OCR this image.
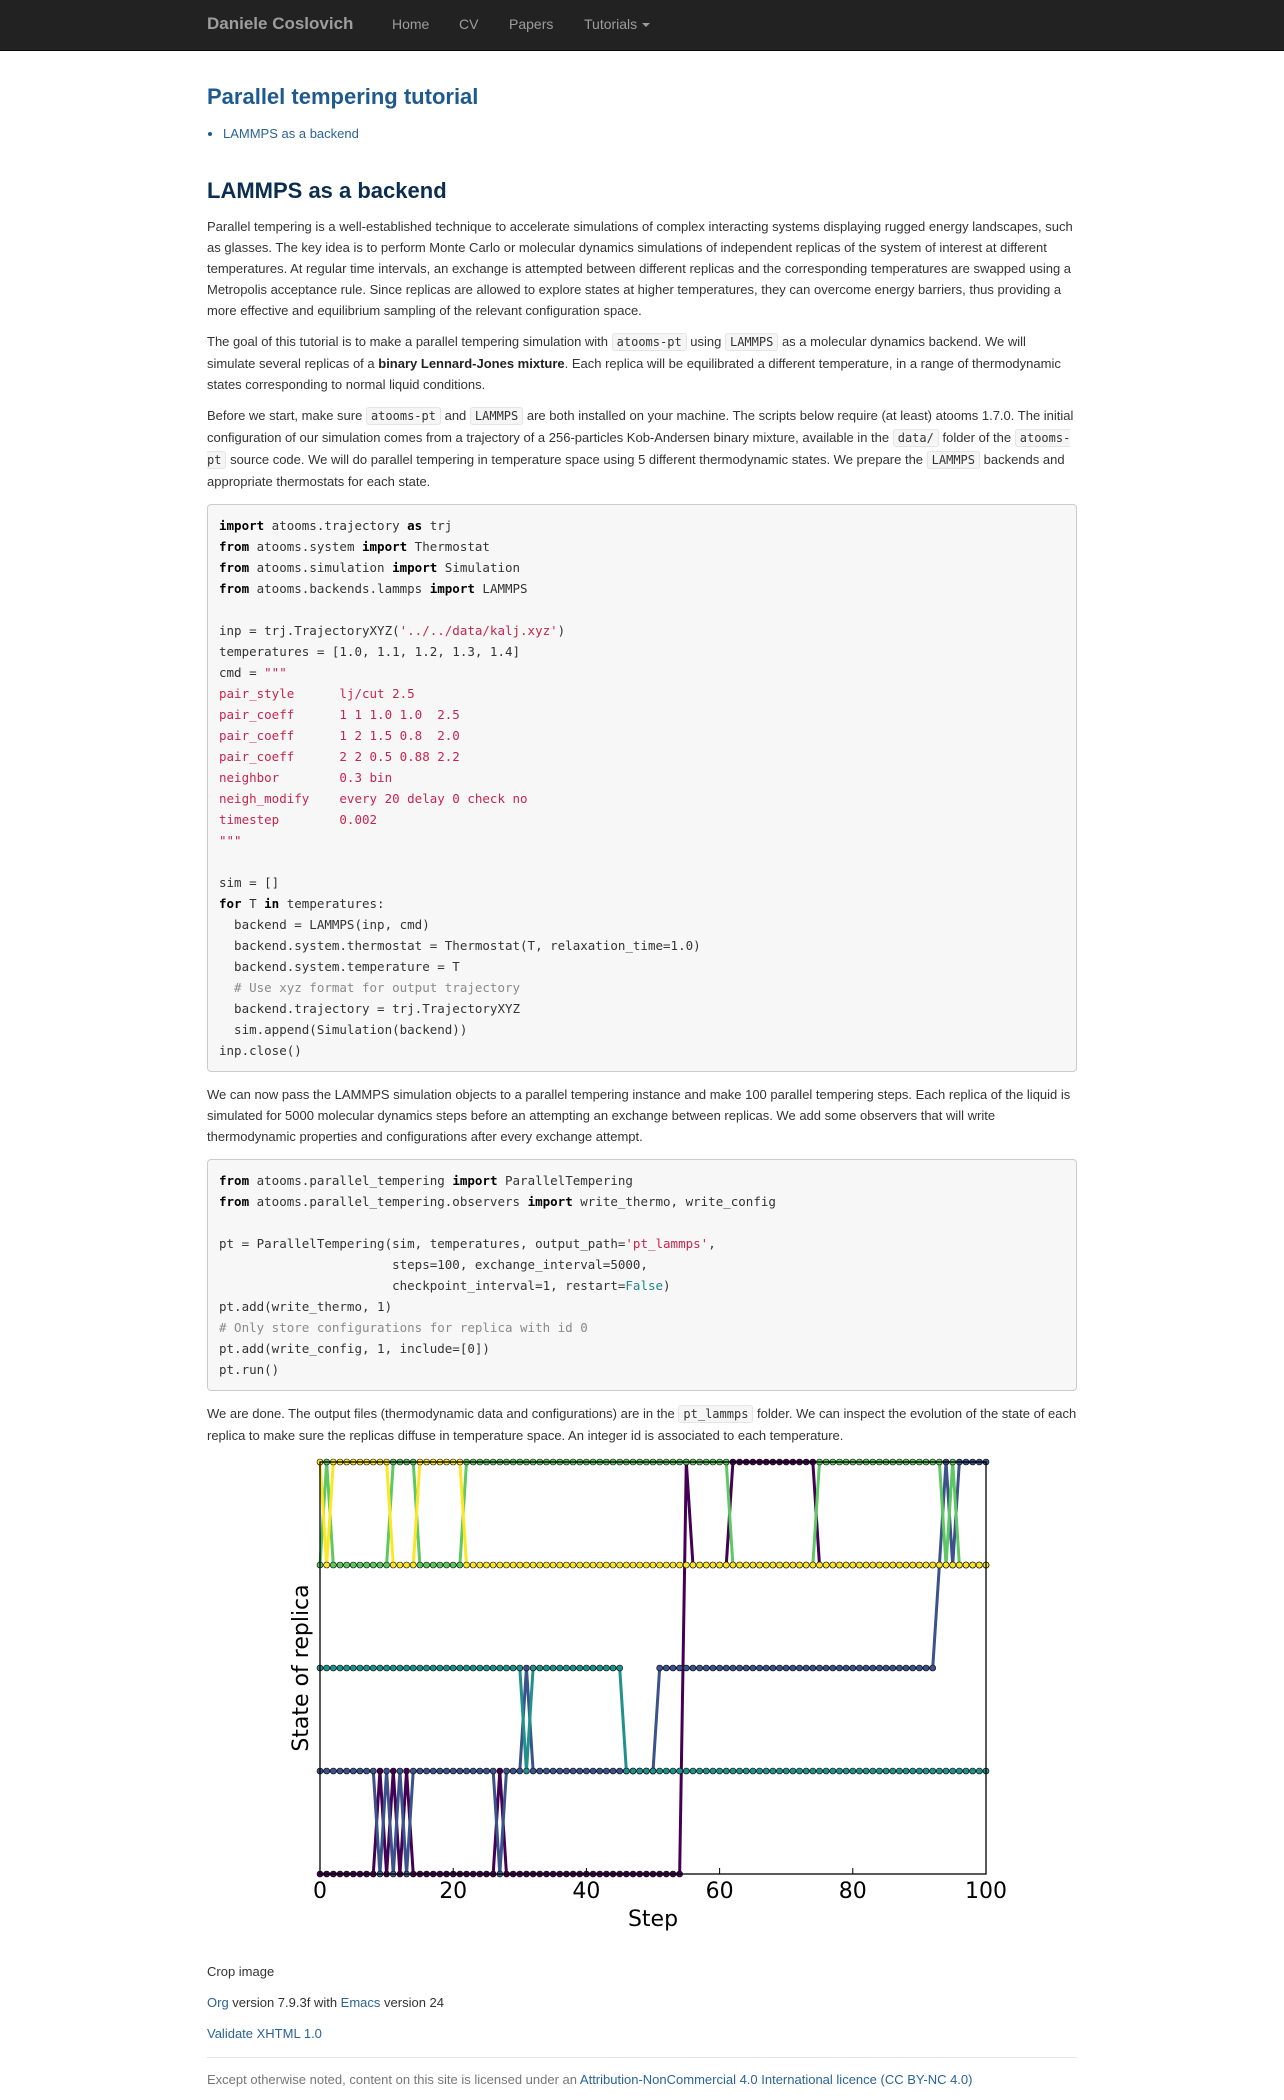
Daniele Coslovich	Home CV Papers Tutorials
Parallel tempering tutorial
• LAMMPS as a backend
LAMMPS as a backend

Parallel tempering is a well-established technique to accelerate simulations of complex interacting systems displaying rugged energy landscapes, such as glasses. The key idea is to perform Monte Carlo or molecular dynamics simulations of independent replicas of the system of interest at different temperatures. At regular time intervals, an exchange is attempted between different replicas and the corresponding temperatures are swapped using a Metropolis acceptance rule. Since replicas are allowed to explore states at higher temperatures, they can overcome energy barriers, thus providing a more effective and equilibrium sampling of the relevant configuration space.

The goal of this tutorial is to make a parallel tempering simulation with atooms-pt using LAMMPS as a molecular dynamics backend. We will simulate several replicas of a binary Lennard-Jones mixture. Each replica will be equilibrated a different temperature, in a range of thermodynamic states corresponding to normal liquid conditions.

Before we start, make sure atooms-pt and LAMMPS are both installed on your machine. The scripts below require (at least) atooms 1.7.0. The initial configuration of our simulation comes from a trajectory of a 256-particles Kob-Andersen binary mixture, available in the data/ folder of the atooms-pt source code. We will do parallel tempering in temperature space using 5 different thermodynamic states. We prepare the LAMMPS backends and appropriate thermostats for each state.

import atooms.trajectory as trj
from atooms.system import Thermostat
from atooms.simulation import Simulation
from atooms.backends.lammps import LAMMPS

inp = trj.TrajectoryXYZ('../../data/kalj.xyz')
temperatures = [1.0, 1.1, 1.2, 1.3, 1.4]
cmd = """
pair_style      lj/cut 2.5
pair_coeff      1 1 1.0 1.0  2.5
pair_coeff      1 2 1.5 0.8  2.0
pair_coeff      2 2 0.5 0.88 2.2
neighbor        0.3 bin
neigh_modify    every 20 delay 0 check no
timestep        0.002
"""

sim = []
for T in temperatures:
backend = LAMMPS(inp, cmd)
backend.system.thermostat = Thermostat(T, relaxation_time=1.0)
backend.system.temperature = T
# Use xyz format for output trajectory
backend.trajectory = trj.TrajectoryXYZ
sim.append(Simulation(backend))
inp.close()

We can now pass the LAMMPS simulation objects to a parallel tempering instance and make 100 parallel tempering steps. Each replica of the liquid is simulated for 5000 molecular dynamics steps before an attempting an exchange between replicas. We add some observers that will write thermodynamic properties and configurations after every exchange attempt.

from atooms.parallel_tempering import ParallelTempering
from atooms.parallel_tempering.observers import write_thermo, write_config

pt = ParallelTempering(sim, temperatures, output_path='pt_lammps',
steps=100, exchange_interval=5000,
checkpoint_interval=1, restart=False)
pt.add(write_thermo, 1)
# Only store configurations for replica with id 0
pt.add(write_config, 1, include=[0])
pt.run()

We are done. The output files (thermodynamic data and configurations) are in the pt_lammps folder. We can inspect the evolution of the state of each replica to make sure the replicas diffuse in temperature space. An integer id is associated to each temperature.

0	20	40	60	80	100
Step
State of replica
Crop image
Org version 7.9.3f with Emacs version 24
Validate XHTML 1.0
Except otherwise noted, content on this site is licensed under an Attribution-NonCommercial 4.0 International licence (CC BY-NC 4.0)
